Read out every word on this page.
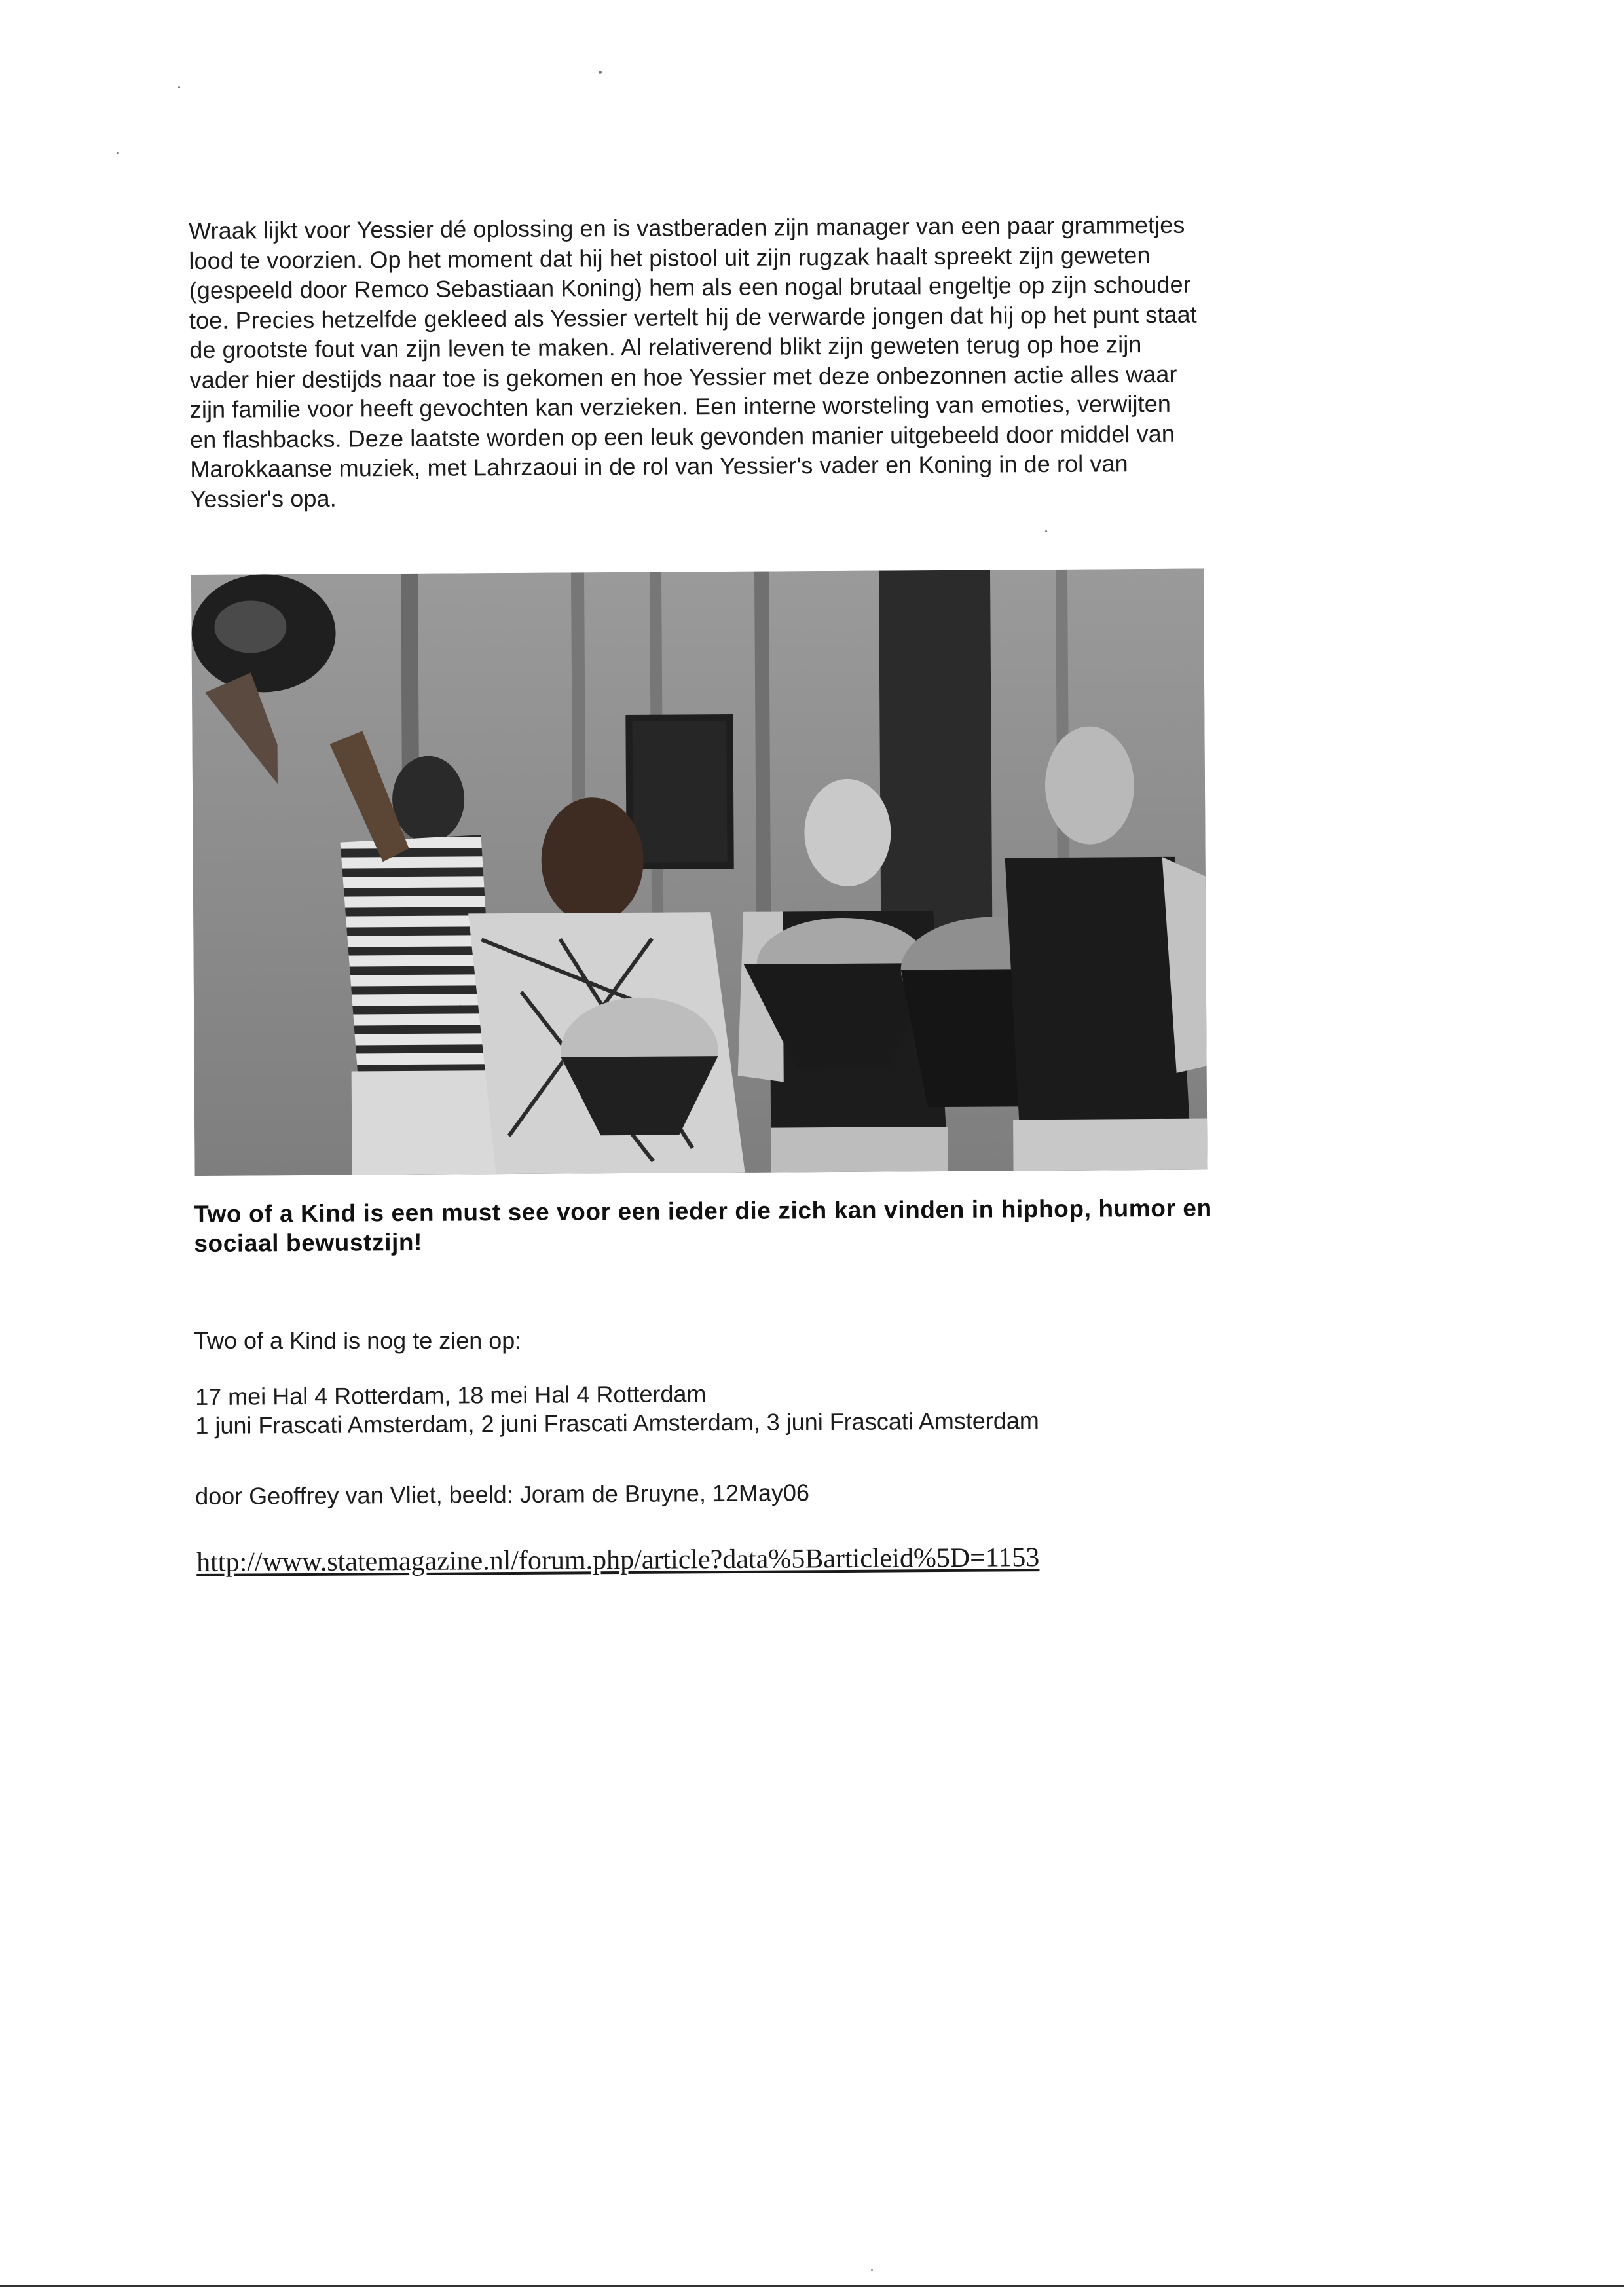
Wraak lijkt voor Yessier dé oplossing en is vastberaden zijn manager van een paar grammetjes lood te voorzien. Op het moment dat hij het pistool uit zijn rugzak haalt spreekt zijn geweten (gespeeld door Remco Sebastiaan Koning) hem als een nogal brutaal engeltje op zijn schouder toe. Precies hetzelfde gekleed als Yessier vertelt hij de verwarde jongen dat hij op het punt staat de grootste fout van zijn leven te maken. Al relativerend blikt zijn geweten terug op hoe zijn vader hier destijds naar toe is gekomen en hoe Yessier met deze onbezonnen actie alles waar zijn familie voor heeft gevochten kan verzieken. Een interne worsteling van emoties, verwijten en flashbacks. Deze laatste worden op een leuk gevonden manier uitgebeeld door middel van Marokkaanse muziek, met Lahrzaoui in de rol van Yessier's vader en Koning in de rol van Yessier's opa.

Two of a Kind is een must see voor een ieder die zich kan vinden in hiphop, humor en sociaal bewustzijn!

Two of a Kind is nog te zien op:

17 mei Hal 4 Rotterdam, 18 mei Hal 4 Rotterdam
1 juni Frascati Amsterdam, 2 juni Frascati Amsterdam, 3 juni Frascati Amsterdam

door Geoffrey van Vliet, beeld: Joram de Bruyne, 12May06

http://www.statemagazine.nl/forum.php/article?data%5Barticleid%5D=1153
